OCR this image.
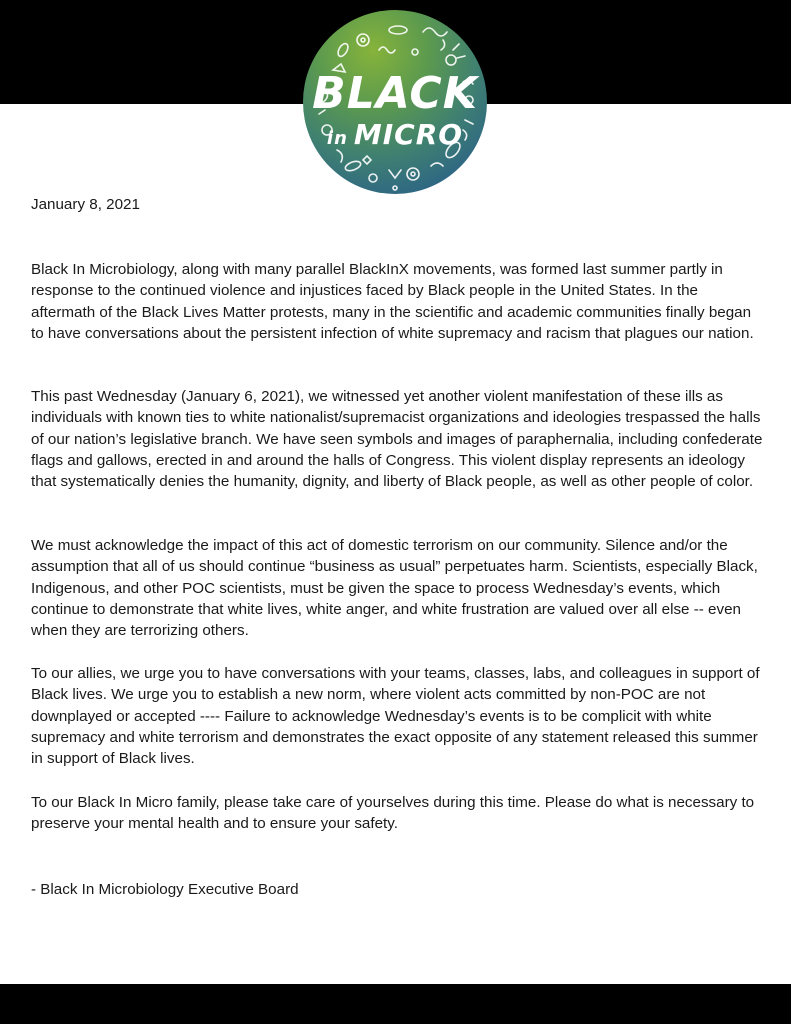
BLACK
in MICRO
January 8, 2021

Black In Microbiology, along with many parallel BlackInX movements, was formed last summer partly in response to the continued violence and injustices faced by Black people in the United States. In the aftermath of the Black Lives Matter protests, many in the scientific and academic communities finally began to have conversations about the persistent infection of white supremacy and racism that plagues our nation.

This past Wednesday (January 6, 2021), we witnessed yet another violent manifestation of these ills as individuals with known ties to white nationalist/supremacist organizations and ideologies trespassed the halls of our nation’s legislative branch. We have seen symbols and images of paraphernalia, including confederate flags and gallows, erected in and around the halls of Congress. This violent display represents an ideology that systematically denies the humanity, dignity, and liberty of Black people, as well as other people of color.

We must acknowledge the impact of this act of domestic terrorism on our community. Silence and/or the assumption that all of us should continue “business as usual” perpetuates harm. Scientists, especially Black, Indigenous, and other POC scientists, must be given the space to process Wednesday’s events, which continue to demonstrate that white lives, white anger, and white frustration are valued over all else -- even when they are terrorizing others.

To our allies, we urge you to have conversations with your teams, classes, labs, and colleagues in support of Black lives. We urge you to establish a new norm, where violent acts committed by non-POC are not downplayed or accepted ---- Failure to acknowledge Wednesday’s events is to be complicit with white supremacy and white terrorism and demonstrates the exact opposite of any statement released this summer in support of Black lives.

To our Black In Micro family, please take care of yourselves during this time. Please do what is necessary to preserve your mental health and to ensure your safety.

- Black In Microbiology Executive Board
